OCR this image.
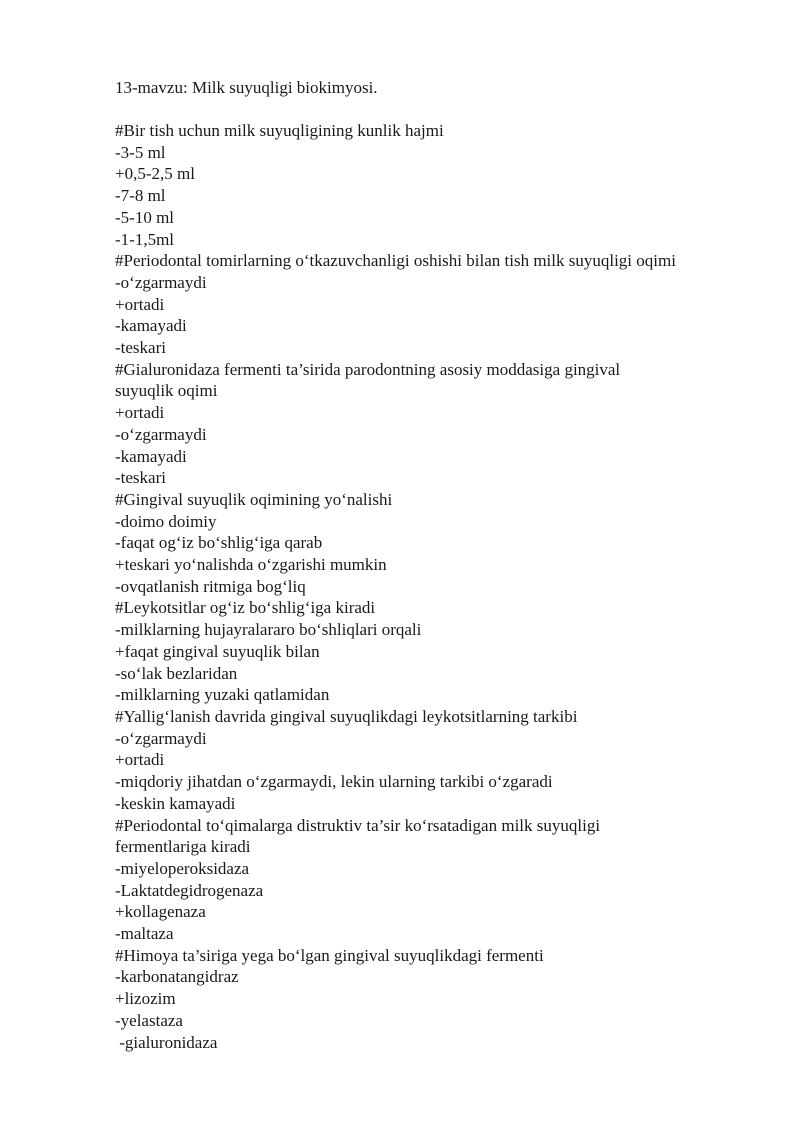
13-mavzu: Milk suyuqligi biokimyosi.

#Bir tish uchun milk suyuqligining kunlik hajmi

-3-5 ml

+0,5-2,5 ml

-7-8 ml

-5-10 ml

-1-1,5ml

#Periodontal tomirlarning o‘tkazuvchanligi oshishi bilan tish milk suyuqligi oqimi

-o‘zgarmaydi

+ortadi

-kamayadi

-teskari

#Gialuronidaza fermenti ta’sirida parodontning asosiy moddasiga gingival

suyuqlik oqimi

+ortadi

-o‘zgarmaydi

-kamayadi

-teskari

#Gingival suyuqlik oqimining yo‘nalishi

-doimo doimiy

-faqat og‘iz bo‘shlig‘iga qarab

+teskari yo‘nalishda o‘zgarishi mumkin

-ovqatlanish ritmiga bog‘liq

#Leykotsitlar og‘iz bo‘shlig‘iga kiradi

-milklarning hujayralararo bo‘shliqlari orqali

+faqat gingival suyuqlik bilan

-so‘lak bezlaridan

-milklarning yuzaki qatlamidan

#Yallig‘lanish davrida gingival suyuqlikdagi leykotsitlarning tarkibi

-o‘zgarmaydi

+ortadi

-miqdoriy jihatdan o‘zgarmaydi, lekin ularning tarkibi o‘zgaradi

-keskin kamayadi

#Periodontal to‘qimalarga distruktiv ta’sir ko‘rsatadigan milk suyuqligi

fermentlariga kiradi

-miyeloperoksidaza

-Laktatdegidrogenaza

+kollagenaza

-maltaza

#Himoya ta’siriga yega bo‘lgan gingival suyuqlikdagi fermenti

-karbonatangidraz

+lizozim

-yelastaza

-gialuronidaza
